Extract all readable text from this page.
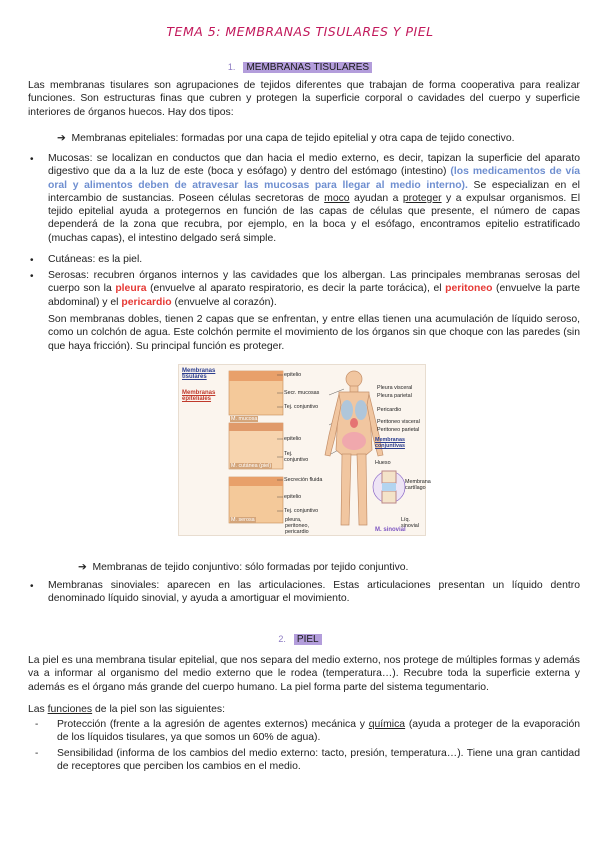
TEMA 5: MEMBRANAS TISULARES Y PIEL
1. MEMBRANAS TISULARES

Las membranas tisulares son agrupaciones de tejidos diferentes que trabajan de forma cooperativa para realizar funciones. Son estructuras finas que cubren y protegen la superficie corporal o cavidades del cuerpo y superficie interiores de órganos huecos. Hay dos tipos:

➔ Membranas epiteliales: formadas por una capa de tejido epitelial y otra capa de tejido conectivo.
• Mucosas: se localizan en conductos que dan hacia el medio externo, es decir, tapizan la superficie del aparato digestivo que da a la luz de este (boca y esófago) y dentro del estómago (intestino) (los medicamentos de vía oral y alimentos deben de atravesar las mucosas para llegar al medio interno). Se especializan en el intercambio de sustancias. Poseen células secretoras de moco ayudan a proteger y a expulsar organismos. El tejido epitelial ayuda a protegernos en función de las capas de células que presente, el número de capas dependerá de la zona que recubra, por ejemplo, en la boca y el esófago, encontramos epitelio estratificado (muchas capas), el intestino delgado será simple.

• Cutáneas: es la piel.

• Serosas: recubren órganos internos y las cavidades que los albergan. Las principales membranas serosas del cuerpo son la pleura (envuelve al aparato respiratorio, es decir la parte torácica), el peritoneo (envuelve la parte abdominal) y el pericardio (envuelve al corazón).

Son membranas dobles, tienen 2 capas que se enfrentan, y entre ellas tienen una acumulación de líquido seroso, como un colchón de agua. Este colchón permite el movimiento de los órganos sin que choque con las paredes (sin que haya fricción). Su principal función es proteger.

Membranas tisulares
Membranas epiteliales
M. mucosa
M. cutánea (piel)
M. serosa
epitelio
Secr. mucosas
Tej. conjuntivo
epitelio
Tej. conjuntivo
Secreción fluida
epitelio
Tej. conjuntivo
pleura, peritoneo, pericardio
Pleura visceral
Pleura parietal
Pericardio
Peritoneo visceral
Peritoneo parietal
Membranas conjuntivas
Hueso
Membrana cartílago
Líq. sinovial
M. sinovial
➔ Membranas de tejido conjuntivo: sólo formadas por tejido conjuntivo.
• Membranas sinoviales: aparecen en las articulaciones. Estas articulaciones presentan un líquido dentro denominado líquido sinovial, y ayuda a amortiguar el movimiento.

2. PIEL

La piel es una membrana tisular epitelial, que nos separa del medio externo, nos protege de múltiples formas y además va a informar al organismo del medio externo que le rodea (temperatura…). Recubre toda la superficie externa y además es el órgano más grande del cuerpo humano. La piel forma parte del sistema tegumentario.

Las funciones de la piel son las siguientes:

- Protección (frente a la agresión de agentes externos) mecánica y química (ayuda a proteger de la evaporación de los líquidos tisulares, ya que somos un 60% de agua).

- Sensibilidad (informa de los cambios del medio externo: tacto, presión, temperatura…). Tiene una gran cantidad de receptores que perciben los cambios en el medio.
